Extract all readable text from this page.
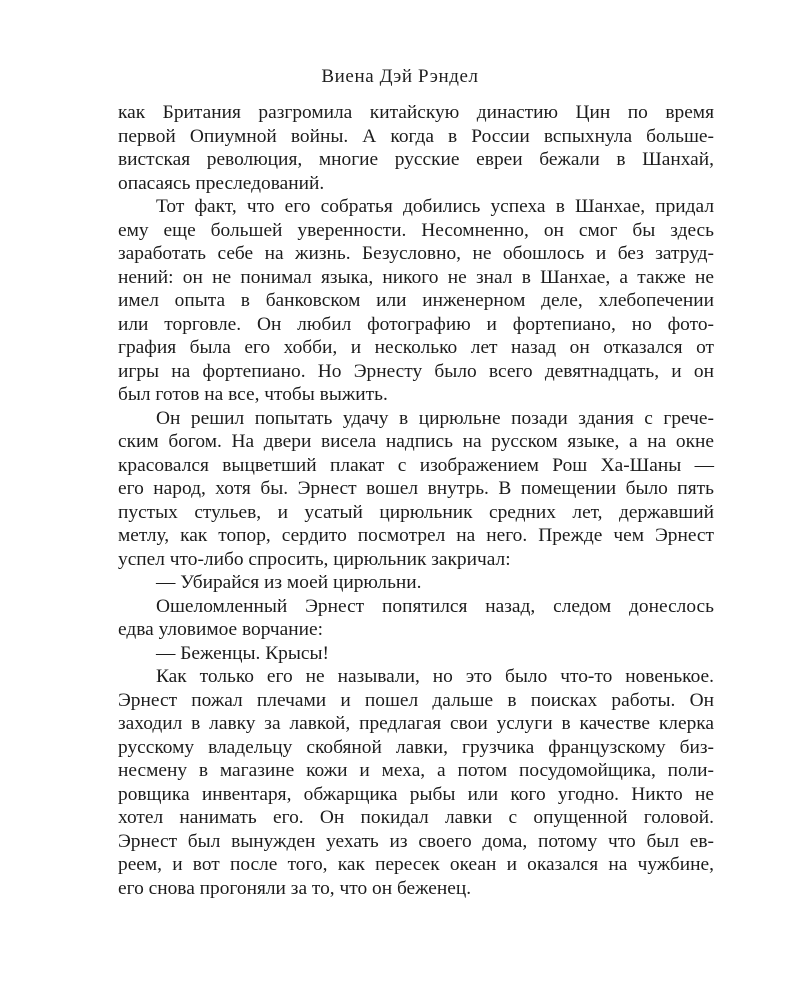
Виена Дэй Рэндел
как Британия разгромила китайскую династию Цин по время
первой Опиумной войны. А когда в России вспыхнула больше-
вистская революция, многие русские евреи бежали в Шанхай,
опасаясь преследований.
Тот факт, что его собратья добились успеха в Шанхае, придал
ему еще большей уверенности. Несомненно, он смог бы здесь
заработать себе на жизнь. Безусловно, не обошлось и без затруд-
нений: он не понимал языка, никого не знал в Шанхае, а также не
имел опыта в банковском или инженерном деле, хлебопечении
или торговле. Он любил фотографию и фортепиано, но фото-
графия была его хобби, и несколько лет назад он отказался от
игры на фортепиано. Но Эрнесту было всего девятнадцать, и он
был готов на все, чтобы выжить.
Он решил попытать удачу в цирюльне позади здания с грече-
ским богом. На двери висела надпись на русском языке, а на окне
красовался выцветший плакат с изображением Рош Ха-Шаны —
его народ, хотя бы. Эрнест вошел внутрь. В помещении было пять
пустых стульев, и усатый цирюльник средних лет, державший
метлу, как топор, сердито посмотрел на него. Прежде чем Эрнест
успел что-либо спросить, цирюльник закричал:
— Убирайся из моей цирюльни.
Ошеломленный Эрнест попятился назад, следом донеслось
едва уловимое ворчание:
— Беженцы. Крысы!
Как только его не называли, но это было что-то новенькое.
Эрнест пожал плечами и пошел дальше в поисках работы. Он
заходил в лавку за лавкой, предлагая свои услуги в качестве клерка
русскому владельцу скобяной лавки, грузчика французскому биз-
несмену в магазине кожи и меха, а потом посудомойщика, поли-
ровщика инвентаря, обжарщика рыбы или кого угодно. Никто не
хотел нанимать его. Он покидал лавки с опущенной головой.
Эрнест был вынужден уехать из своего дома, потому что был ев-
реем, и вот после того, как пересек океан и оказался на чужбине,
его снова прогоняли за то, что он беженец.
